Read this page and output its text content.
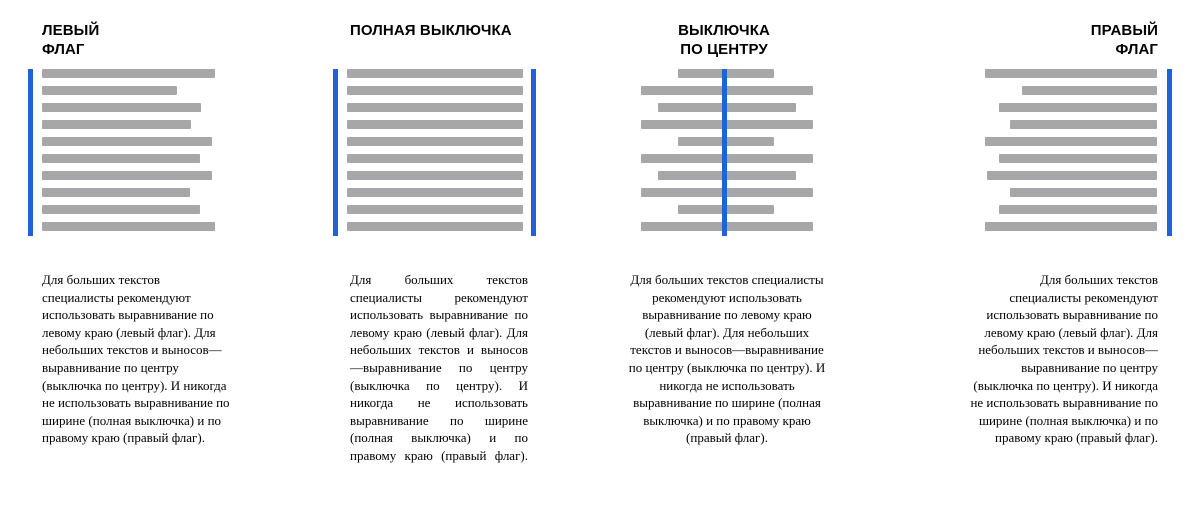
ЛЕВЫЙ
ФЛАГ

Для больших текстов специалисты рекомендуют использовать выравнивание по левому краю (левый флаг). Для небольших текстов и выносов—выравнивание по центру (выключка по центру). И никогда не использовать выравнивание по ширине (полная выключка) и по правому краю (правый флаг).

ПОЛНАЯ ВЫКЛЮЧКА

Для больших текстов специалисты рекомендуют использовать выравнивание по левому краю (левый флаг). Для небольших текстов и выносов—выравнивание по центру (выключка по центру). И никогда не использовать выравнивание по ширине (полная выключка) и по правому краю (правый флаг).

ВЫКЛЮЧКА
ПО ЦЕНТРУ

Для больших текстов специалисты рекомендуют использовать выравнивание по левому краю (левый флаг). Для небольших текстов и выносов—выравнивание по центру (выключка по центру). И никогда не использовать выравнивание по ширине (полная выключка) и по правому краю (правый флаг).

ПРАВЫЙ
ФЛАГ

Для больших текстов специалисты рекомендуют использовать выравнивание по левому краю (левый флаг). Для небольших текстов и выносов—выравнивание по центру (выключка по центру). И никогда не использовать выравнивание по ширине (полная выключка) и по правому краю (правый флаг).
